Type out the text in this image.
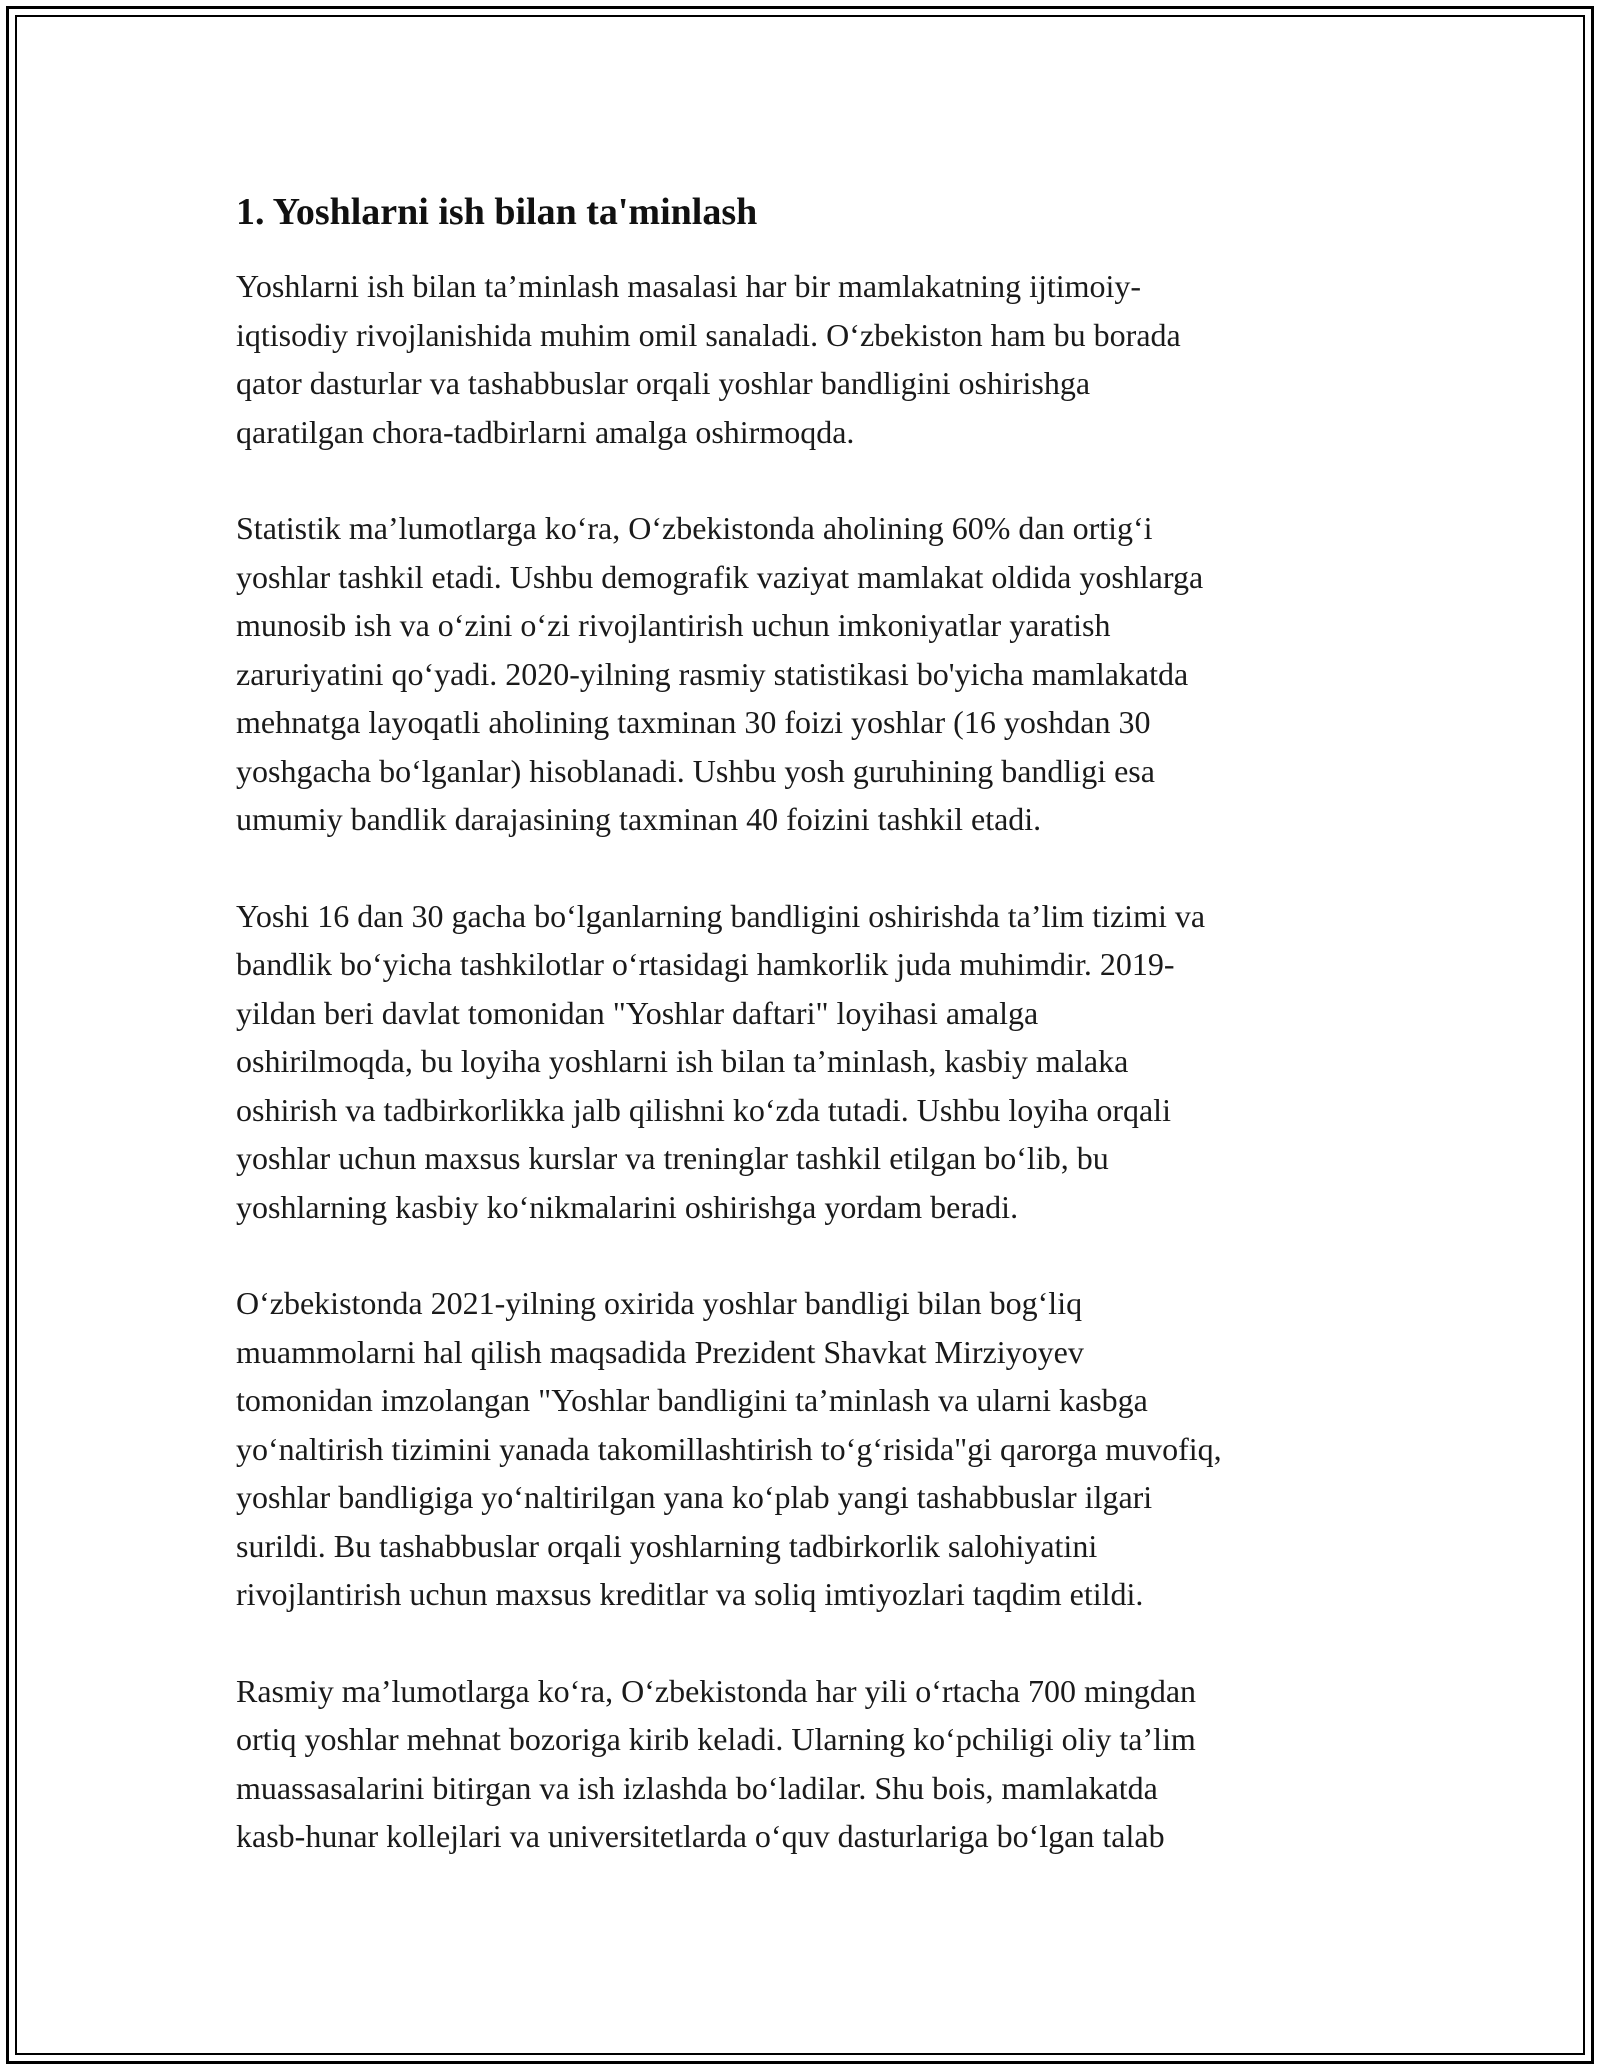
1. Yoshlarni ish bilan ta'minlash

Yoshlarni ish bilan ta’minlash masalasi har bir mamlakatning ijtimoiy-
iqtisodiy rivojlanishida muhim omil sanaladi. O‘zbekiston ham bu borada
qator dasturlar va tashabbuslar orqali yoshlar bandligini oshirishga
qaratilgan chora-tadbirlarni amalga oshirmoqda.

Statistik ma’lumotlarga ko‘ra, O‘zbekistonda aholining 60% dan ortig‘i
yoshlar tashkil etadi. Ushbu demografik vaziyat mamlakat oldida yoshlarga
munosib ish va o‘zini o‘zi rivojlantirish uchun imkoniyatlar yaratish
zaruriyatini qo‘yadi. 2020-yilning rasmiy statistikasi bo'yicha mamlakatda
mehnatga layoqatli aholining taxminan 30 foizi yoshlar (16 yoshdan 30
yoshgacha bo‘lganlar) hisoblanadi. Ushbu yosh guruhining bandligi esa
umumiy bandlik darajasining taxminan 40 foizini tashkil etadi.

Yoshi 16 dan 30 gacha bo‘lganlarning bandligini oshirishda ta’lim tizimi va
bandlik bo‘yicha tashkilotlar o‘rtasidagi hamkorlik juda muhimdir. 2019-
yildan beri davlat tomonidan "Yoshlar daftari" loyihasi amalga
oshirilmoqda, bu loyiha yoshlarni ish bilan ta’minlash, kasbiy malaka
oshirish va tadbirkorlikka jalb qilishni ko‘zda tutadi. Ushbu loyiha orqali
yoshlar uchun maxsus kurslar va treninglar tashkil etilgan bo‘lib, bu
yoshlarning kasbiy ko‘nikmalarini oshirishga yordam beradi.

O‘zbekistonda 2021-yilning oxirida yoshlar bandligi bilan bog‘liq
muammolarni hal qilish maqsadida Prezident Shavkat Mirziyoyev
tomonidan imzolangan "Yoshlar bandligini ta’minlash va ularni kasbga
yo‘naltirish tizimini yanada takomillashtirish to‘g‘risida"gi qarorga muvofiq,
yoshlar bandligiga yo‘naltirilgan yana ko‘plab yangi tashabbuslar ilgari
surildi. Bu tashabbuslar orqali yoshlarning tadbirkorlik salohiyatini
rivojlantirish uchun maxsus kreditlar va soliq imtiyozlari taqdim etildi.

Rasmiy ma’lumotlarga ko‘ra, O‘zbekistonda har yili o‘rtacha 700 mingdan
ortiq yoshlar mehnat bozoriga kirib keladi. Ularning ko‘pchiligi oliy ta’lim
muassasalarini bitirgan va ish izlashda bo‘ladilar. Shu bois, mamlakatda
kasb-hunar kollejlari va universitetlarda o‘quv dasturlariga bo‘lgan talab
